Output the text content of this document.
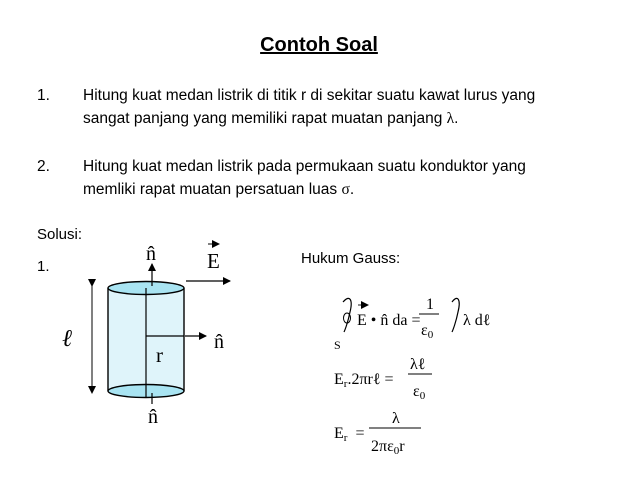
Contoh Soal
1. Hitung kuat medan listrik di titik r di sekitar suatu kawat lurus yang
sangat panjang yang memiliki rapat muatan panjang λ.
2. Hitung kuat medan listrik pada permukaan suatu konduktor yang
memliki rapat muatan persatuan luas σ.
Solusi:
1.	Hukum Gauss:
n̂ E
ℓ
r
n̂
n̂
S
E • n̂ da =
1
ε0
λ dℓ
Er.2πrℓ =
λℓ
ε0
Er =
λ
2πε0r
